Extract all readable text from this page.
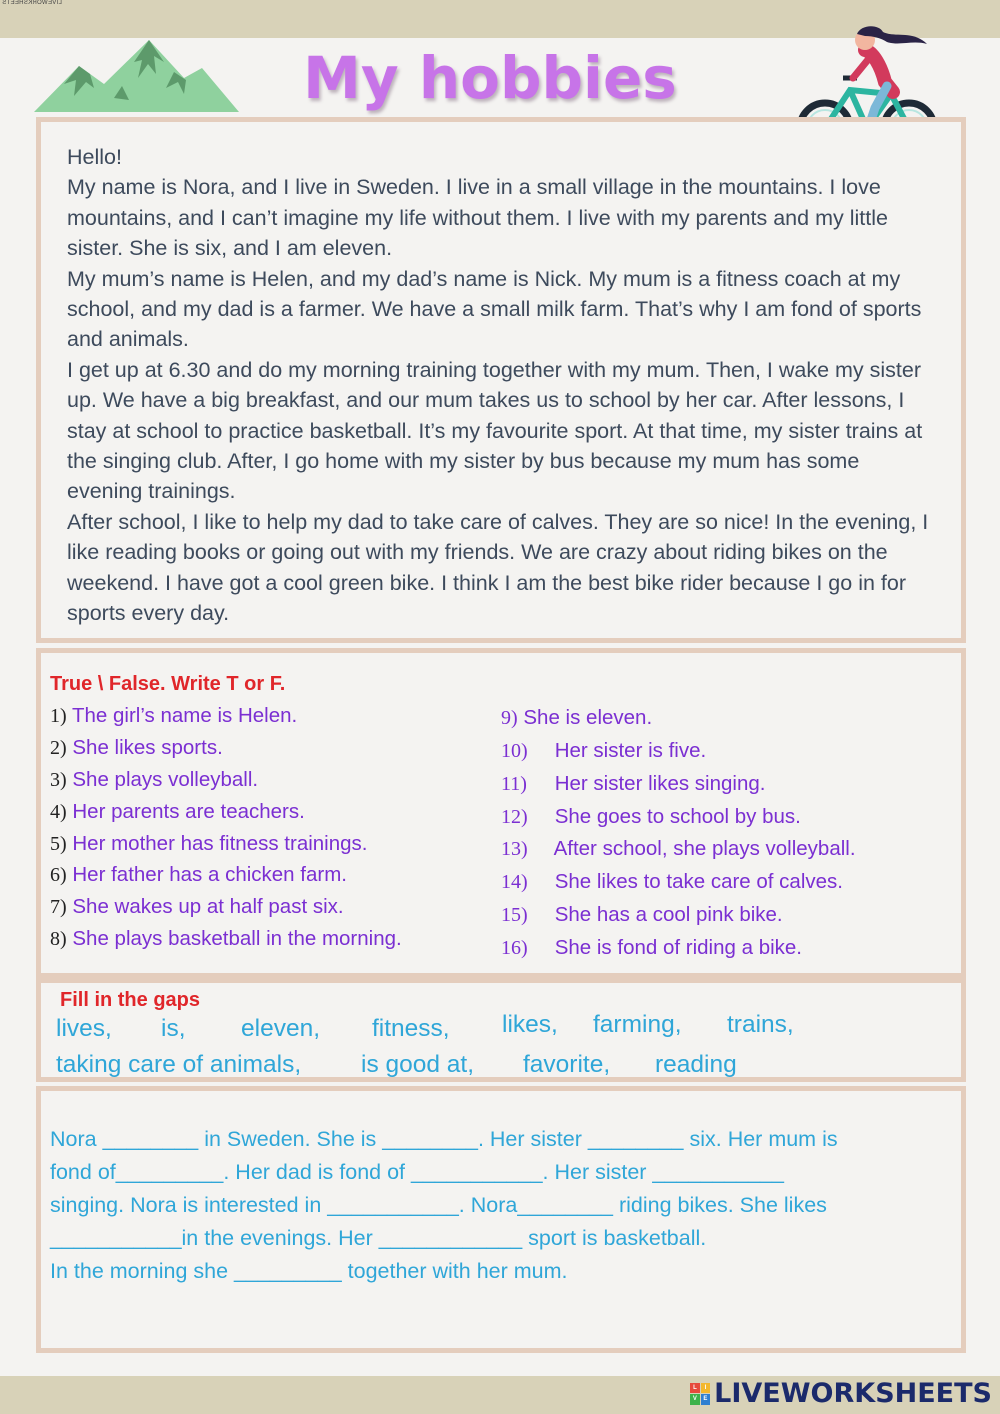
LIVEWORKSHEETS
My hobbies

Hello!

My name is Nora, and I live in Sweden. I live in a small village in the mountains. I love mountains, and I can’t imagine my life without them. I live with my parents and my little sister. She is six, and I am eleven.

My mum’s name is Helen, and my dad’s name is Nick. My mum is a fitness coach at my school, and my dad is a farmer. We have a small milk farm. That’s why I am fond of sports and animals.

I get up at 6.30 and do my morning training together with my mum. Then, I wake my sister up. We have a big breakfast, and our mum takes us to school by her car. After lessons, I stay at school to practice basketball. It’s my favourite sport. At that time, my sister trains at the singing club. After, I go home with my sister by bus because my mum has some evening trainings.

After school, I like to help my dad to take care of calves. They are so nice! In the evening, I like reading books or going out with my friends. We are crazy about riding bikes on the weekend. I have got a cool green bike. I think I am the best bike rider because I go in for sports every day.

True \ False. Write T or F.
1) The girl’s name is Helen.
2) She likes sports.
3) She plays volleyball.
4) Her parents are teachers.
5) Her mother has fitness trainings.
6) Her father has a chicken farm.
7) She wakes up at half past six.
8) She plays basketball in the morning.
9) She is eleven.
10) Her sister is five.
11) Her sister likes singing.
12) She goes to school by bus.
13) After school, she plays volleyball.
14) She likes to take care of calves.
15) She has a cool pink bike.
16) She is fond of riding a bike.
Fill in the gaps
lives, is, eleven, fitness, likes, farming, trains,
taking care of animals, is good at, favorite, reading

Nora ________ in Sweden. She is ________. Her sister ________ six. Her mum is

fond of_________. Her dad is fond of ___________. Her sister ___________

singing. Nora is interested in ___________. Nora________ riding bikes. She likes

___________in the evenings. Her ____________ sport is basketball.

In the morning she _________ together with her mum.

L	I
V	E LIVEWORKSHEETS
